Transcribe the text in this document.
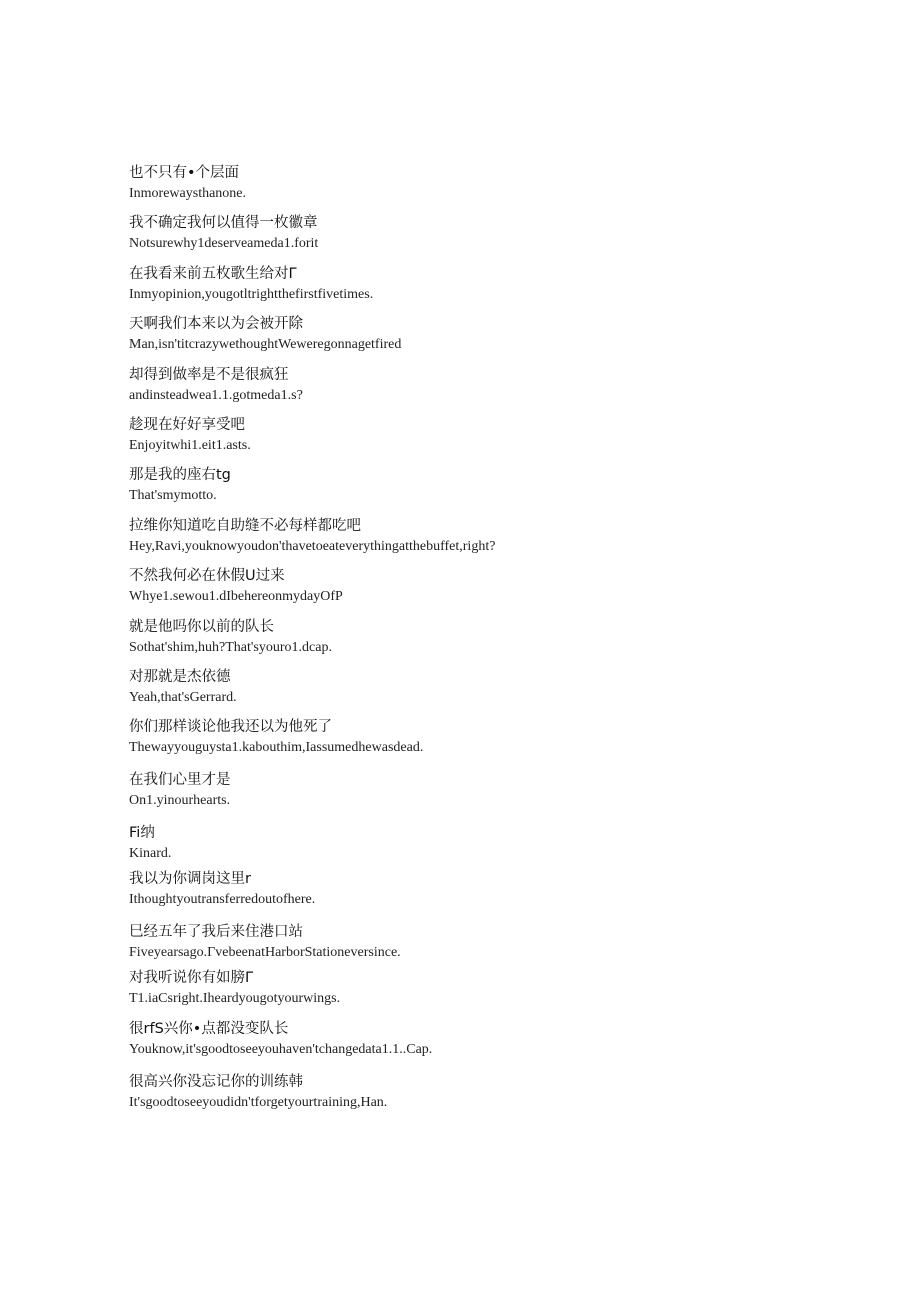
也不只有•个层面
Inmorewaysthanone.
我不确定我何以值得一枚徽章
Notsurewhy1deserveameda1.forit
在我看来前五枚歌生给对Γ
Inmyopinion,yougotltrightthefirstfivetimes.
天啊我们本来以为会被开除
Man,isn'titcrazywethoughtWeweregonnagetfired
却得到做率是不是很疯狂
andinsteadwea1.1.gotmeda1.s?
趁现在好好享受吧
Enjoyitwhi1.eit1.asts.
那是我的座右tg
That'smymotto.
拉维你知道吃自助缝不必每样都吃吧
Hey,Ravi,youknowyoudon'thavetoeateverythingatthebuffet,right?
不然我何必在休假U过来
Whye1.sewou1.dIbehereonmydayOfP
就是他吗你以前的队长
Sothat'shim,huh?That'syouro1.dcap.
对那就是杰依德
Yeah,that'sGerrard.
你们那样谈论他我还以为他死了
Thewayyouguysta1.kabouthim,Iassumedhewasdead.
在我们心里才是
On1.yinourhearts.
Fi纳
Kinard.
我以为你调岗这里r
Ithoughtyoutransferredoutofhere.
巳经五年了我后来住港口站
Fiveyearsago.ΓvebeenatHarborStationeversince.
对我听说你有如膀Γ
T1.iaCsright.Iheardyougotyourwings.
很rfS兴你•点都没变队长
Youknow,it'sgoodtoseeyouhaven'tchangedata1.1..Cap.
很高兴你没忘记你的训练韩
It'sgoodtoseeyoudidn'tforgetyourtraining,Han.
